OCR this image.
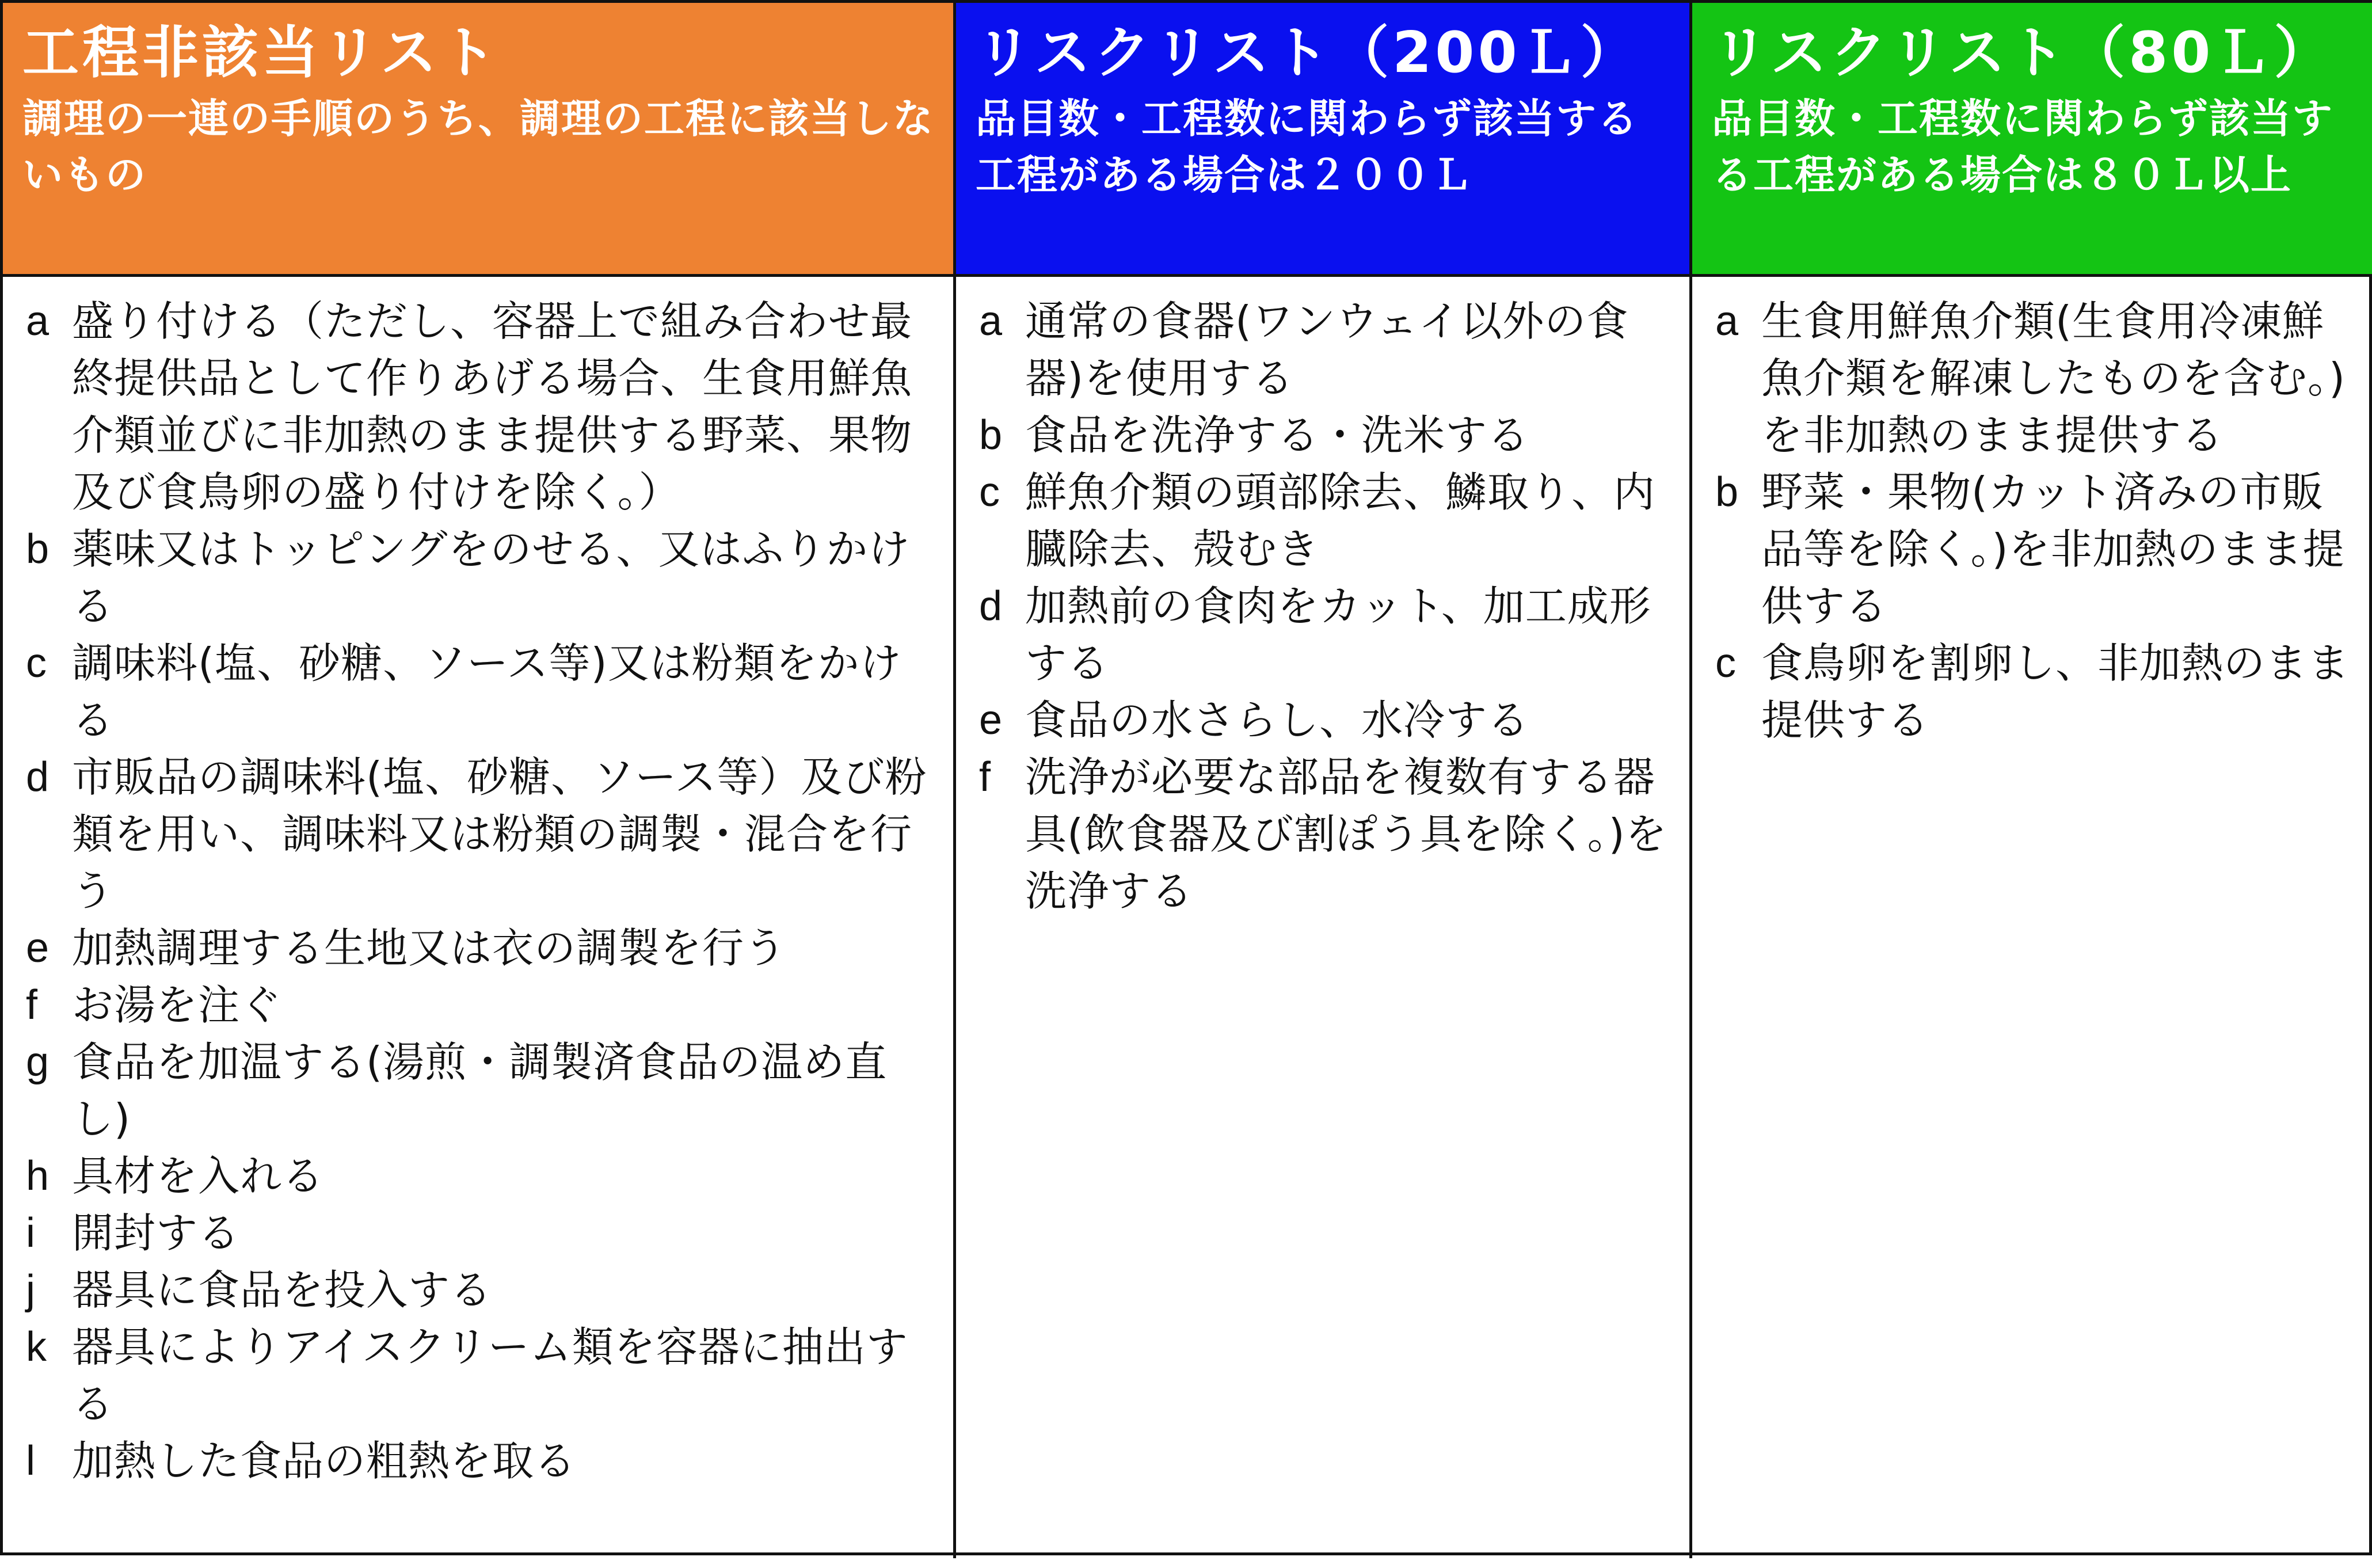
工程非該当リスト
調理の一連の手順のうち、調理の工程に該当しないもの
リスクリスト（200Ｌ）
品目数・工程数に関わらず該当する工程がある場合は２００Ｌ
リスクリスト（80Ｌ）
品目数・工程数に関わらず該当する工程がある場合は８０Ｌ以上
a 盛り付ける（ただし、容器上で組み合わせ最終提供品として作りあげる場合、生食用鮮魚介類並びに非加熱のまま提供する野菜、果物及び食鳥卵の盛り付けを除く。）
b 薬味又はトッピングをのせる、又はふりかける
c 調味料(塩、砂糖、ソース等)又は粉類をかける
d 市販品の調味料(塩、砂糖、ソース等）及び粉類を用い、調味料又は粉類の調製・混合を行う
e 加熱調理する生地又は衣の調製を行う
f お湯を注ぐ
g 食品を加温する(湯煎・調製済食品の温め直し)
h 具材を入れる
i 開封する
j 器具に食品を投入する
k 器具によりアイスクリーム類を容器に抽出する
l 加熱した食品の粗熱を取る
a 通常の食器(ワンウェイ以外の食器)を使用する
b 食品を洗浄する・洗米する
c 鮮魚介類の頭部除去、鱗取り、内臓除去、殻むき
d 加熱前の食肉をカット、加工成形する
e 食品の水さらし、水冷する
f 洗浄が必要な部品を複数有する器具(飲食器及び割ぽう具を除く。)を洗浄する
a 生食用鮮魚介類(生食用冷凍鮮魚介類を解凍したものを含む。)を非加熱のまま提供する
b 野菜・果物(カット済みの市販品等を除く。)を非加熱のまま提供する
c 食鳥卵を割卵し、非加熱のまま提供する
